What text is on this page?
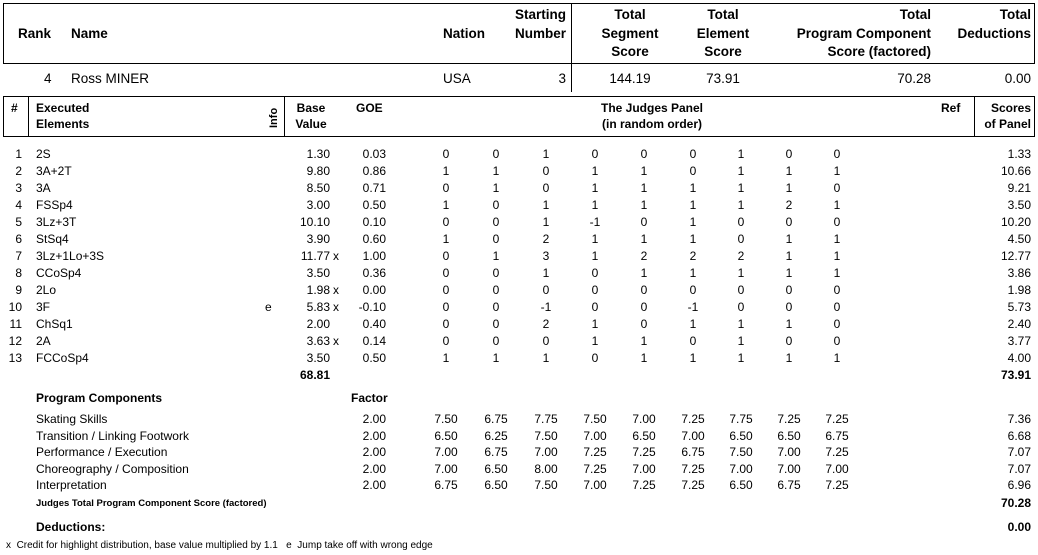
Rank Name	Nation
Starting
Number
Total
Segment
Score
Total
Element
Score
Total
Program Component
Score (factored)
Total
Deductions
4 Ross MINER	USA	3	144.19	73.91	70.28	0.00
# Executed
Elements	Info	Base
Value
GOE	The Judges Panel
(in random order)
Ref	Scores
of Panel
1 2S	1.30	0.03	0	0	1	0	0	0	1	0	0	1.33
2 3A+2T	9.80	0.86	1	1	0	1	1	0	1	1	1	10.66
3 3A	8.50	0.71	0	1	0	1	1	1	1	1	0	9.21
4 FSSp4	3.00	0.50	1	0	1	1	1	1	1	2	1	3.50
5 3Lz+3T	10.10	0.10	0	0	1	-1	0	1	0	0	0	10.20
6 StSq4	3.90	0.60	1	0	2	1	1	1	0	1	1	4.50
7 3Lz+1Lo+3S	11.77 x	1.00	0	1	3	1	2	2	2	1	1	12.77
8 CCoSp4	3.50	0.36	0	0	1	0	1	1	1	1	1	3.86
9 2Lo	1.98 x	0.00	0	0	0	0	0	0	0	0	0	1.98
10 3F	e	5.83 x	-0.10	0	0	-1	0	0	-1	0	0	0	5.73
11 ChSq1	2.00	0.40	0	0	2	1	0	1	1	1	0	2.40
12 2A	3.63 x	0.14	0	0	0	1	1	0	1	0	0	3.77
13 FCCoSp4	3.50	0.50	1	1	1	0	1	1	1	1	1	4.00
68.81	73.91
Program Components	Factor
Skating Skills	2.00	7.50 6.75 7.75 7.50 7.00 7.25 7.75 7.25 7.25	7.36
Transition / Linking Footwork	2.00	6.50 6.25 7.50 7.00 6.50 7.00 6.50 6.50 6.75	6.68
Performance / Execution	2.00	7.00 6.75 7.00 7.25 7.25 6.75 7.50 7.00 7.25	7.07
Choreography / Composition	2.00	7.00 6.50 8.00 7.25 7.00 7.25 7.00 7.00 7.00	7.07
Interpretation	2.00	6.75 6.50 7.50 7.00 7.25 7.25 6.50 6.75 7.25	6.96
Judges Total Program Component Score (factored)	70.28
Deductions:	0.00
x Credit for highlight distribution, base value multiplied by 1.1 e Jump take off with wrong edge
